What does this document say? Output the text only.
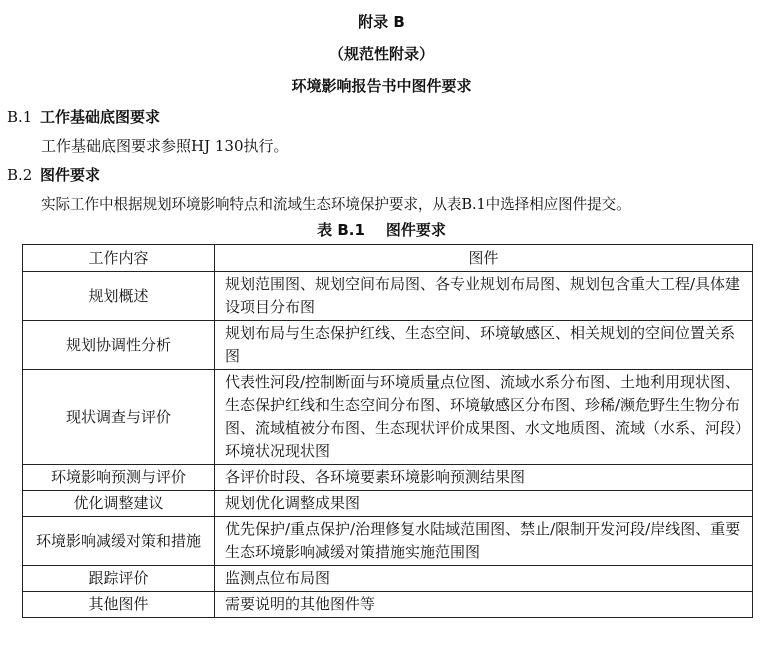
附录 B
（规范性附录）
环境影响报告书中图件要求
B.1 工作基础底图要求
工作基础底图要求参照HJ 130执行。
B.2 图件要求
实际工作中根据规划环境影响特点和流域生态环境保护要求，从表B.1中选择相应图件提交。
表 B.1    图件要求
工作内容	图件
规划概述	规划范围图、规划空间布局图、各专业规划布局图、规划包含重大工程/具体建设项目分布图
规划协调性分析	规划布局与生态保护红线、生态空间、环境敏感区、相关规划的空间位置关系图
现状调查与评价	代表性河段/控制断面与环境质量点位图、流域水系分布图、土地利用现状图、生态保护红线和生态空间分布图、环境敏感区分布图、珍稀/濒危野生生物分布图、流域植被分布图、生态现状评价成果图、水文地质图、流域（水系、河段）环境状况现状图
环境影响预测与评价	各评价时段、各环境要素环境影响预测结果图
优化调整建议	规划优化调整成果图
环境影响减缓对策和措施	优先保护/重点保护/治理修复水陆域范围图、禁止/限制开发河段/岸线图、重要生态环境影响减缓对策措施实施范围图
跟踪评价	监测点位布局图
其他图件	需要说明的其他图件等
